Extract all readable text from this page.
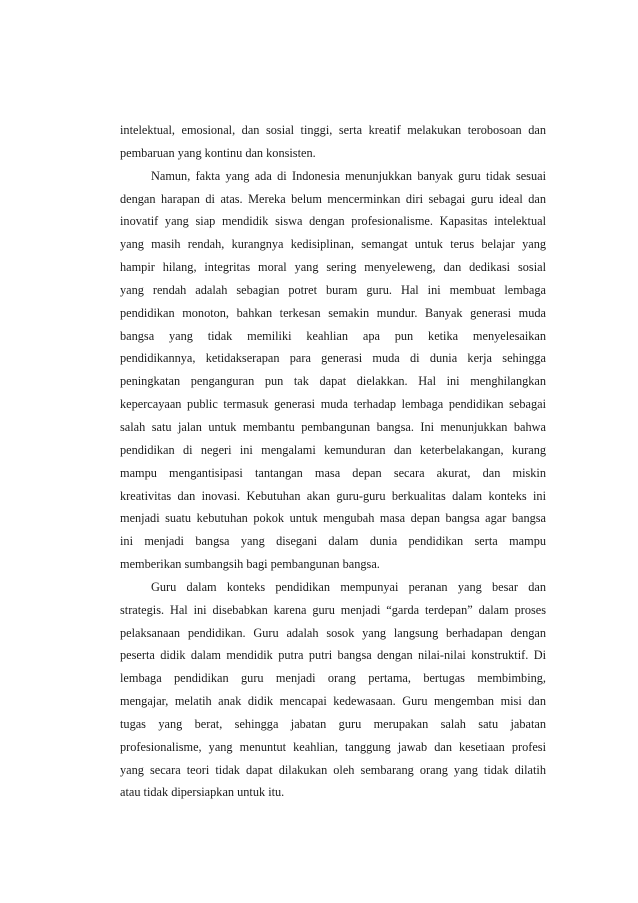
intelektual, emosional, dan sosial tinggi, serta kreatif melakukan terobosoan dan
pembaruan yang kontinu dan konsisten.
Namun, fakta yang ada di Indonesia menunjukkan banyak guru tidak sesuai
dengan harapan di atas. Mereka belum mencerminkan diri sebagai guru ideal dan
inovatif yang siap mendidik siswa dengan profesionalisme. Kapasitas intelektual
yang masih rendah, kurangnya kedisiplinan, semangat untuk terus belajar yang
hampir hilang, integritas moral yang sering menyeleweng, dan dedikasi sosial
yang rendah adalah sebagian potret buram guru. Hal ini membuat lembaga
pendidikan monoton, bahkan terkesan semakin mundur. Banyak generasi muda
bangsa yang tidak memiliki keahlian apa pun ketika menyelesaikan
pendidikannya, ketidakserapan para generasi muda di dunia kerja sehingga
peningkatan penganguran pun tak dapat dielakkan. Hal ini menghilangkan
kepercayaan public termasuk generasi muda terhadap lembaga pendidikan sebagai
salah satu jalan untuk membantu pembangunan bangsa. Ini menunjukkan bahwa
pendidikan di negeri ini mengalami kemunduran dan keterbelakangan, kurang
mampu mengantisipasi tantangan masa depan secara akurat, dan miskin
kreativitas dan inovasi. Kebutuhan akan guru-guru berkualitas dalam konteks ini
menjadi suatu kebutuhan pokok untuk mengubah masa depan bangsa agar bangsa
ini menjadi bangsa yang disegani dalam dunia pendidikan serta mampu
memberikan sumbangsih bagi pembangunan bangsa.
Guru dalam konteks pendidikan mempunyai peranan yang besar dan
strategis. Hal ini disebabkan karena guru menjadi “garda terdepan” dalam proses
pelaksanaan pendidikan. Guru adalah sosok yang langsung berhadapan dengan
peserta didik dalam mendidik putra putri bangsa dengan nilai-nilai konstruktif. Di
lembaga pendidikan guru menjadi orang pertama, bertugas membimbing,
mengajar, melatih anak didik mencapai kedewasaan. Guru mengemban misi dan
tugas yang berat, sehingga jabatan guru merupakan salah satu jabatan
profesionalisme, yang menuntut keahlian, tanggung jawab dan kesetiaan profesi
yang secara teori tidak dapat dilakukan oleh sembarang orang yang tidak dilatih
atau tidak dipersiapkan untuk itu.
